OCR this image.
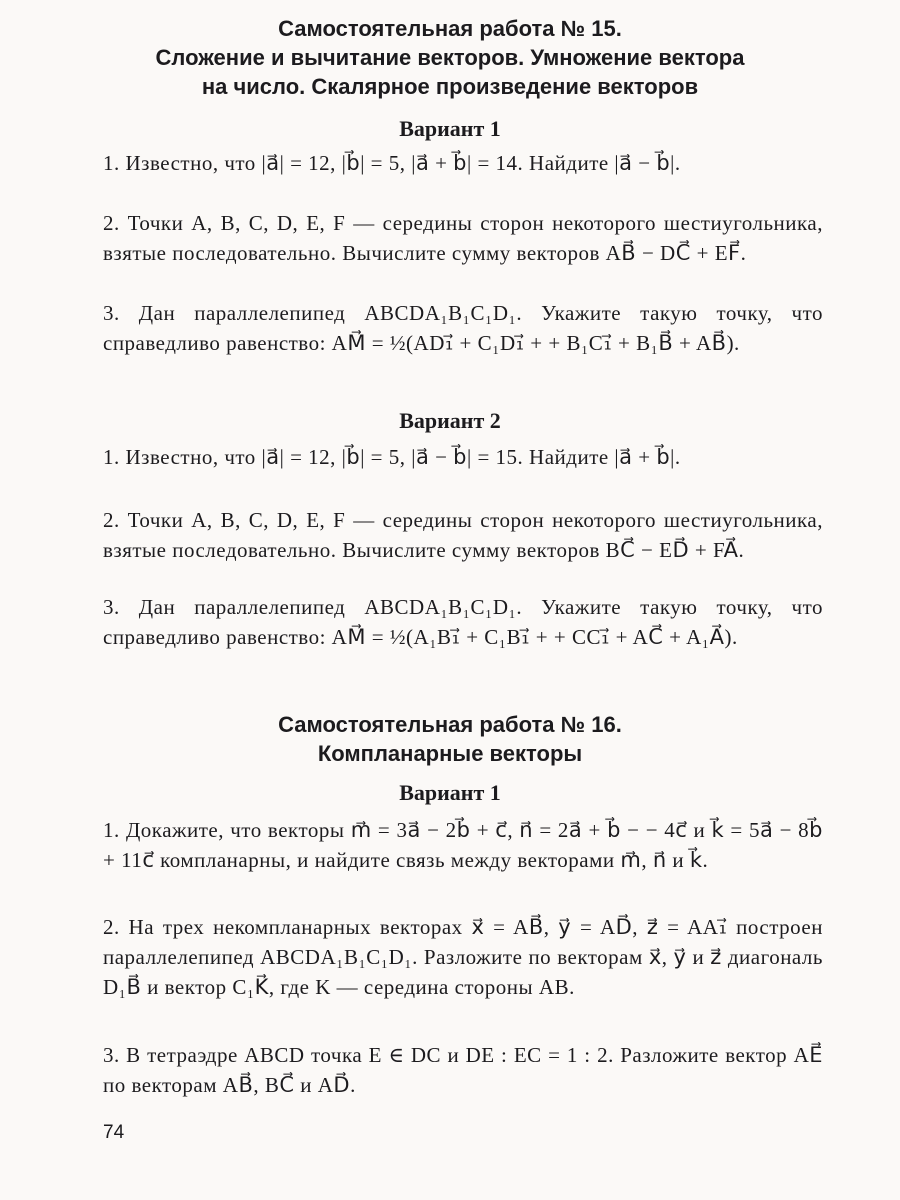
Самостоятельная работа № 15.
Сложение и вычитание векторов. Умножение вектора
на число. Скалярное произведение векторов
Вариант 1
1. Известно, что |a⃗| = 12, |b⃗| = 5, |a⃗ + b⃗| = 14. Найдите |a⃗ − b⃗|.
2. Точки A, B, C, D, E, F — середины сторон некоторого шестиугольника, взятые последовательно. Вычислите сумму векторов AB⃗ − DC⃗ + EF⃗.
3. Дан параллелепипед ABCDA₁B₁C₁D₁. Укажите такую точку, что справедливо равенство: AM⃗ = ½(AD₁⃗ + C₁D₁⃗ + + B₁C₁⃗ + B₁B⃗ + AB⃗).
Вариант 2
1. Известно, что |a⃗| = 12, |b⃗| = 5, |a⃗ − b⃗| = 15. Найдите |a⃗ + b⃗|.
2. Точки A, B, C, D, E, F — середины сторон некоторого шестиугольника, взятые последовательно. Вычислите сумму векторов BC⃗ − ED⃗ + FA⃗.
3. Дан параллелепипед ABCDA₁B₁C₁D₁. Укажите такую точку, что справедливо равенство: AM⃗ = ½(A₁B₁⃗ + C₁B₁⃗ + + CC₁⃗ + AC⃗ + A₁A⃗).
Самостоятельная работа № 16.
Компланарные векторы
Вариант 1
1. Докажите, что векторы m⃗ = 3a⃗ − 2b⃗ + c⃗, n⃗ = 2a⃗ + b⃗ − − 4c⃗ и k⃗ = 5a⃗ − 8b⃗ + 11c⃗ компланарны, и найдите связь между векторами m⃗, n⃗ и k⃗.
2. На трех некомпланарных векторах x⃗ = AB⃗, y⃗ = AD⃗, z⃗ = AA₁⃗ построен параллелепипед ABCDA₁B₁C₁D₁. Разложите по векторам x⃗, y⃗ и z⃗ диагональ D₁B⃗ и вектор C₁K⃗, где K — середина стороны AB.
3. В тетраэдре ABCD точка E ∈ DC и DE : EC = 1 : 2. Разложите вектор AE⃗ по векторам AB⃗, BC⃗ и AD⃗.
74
